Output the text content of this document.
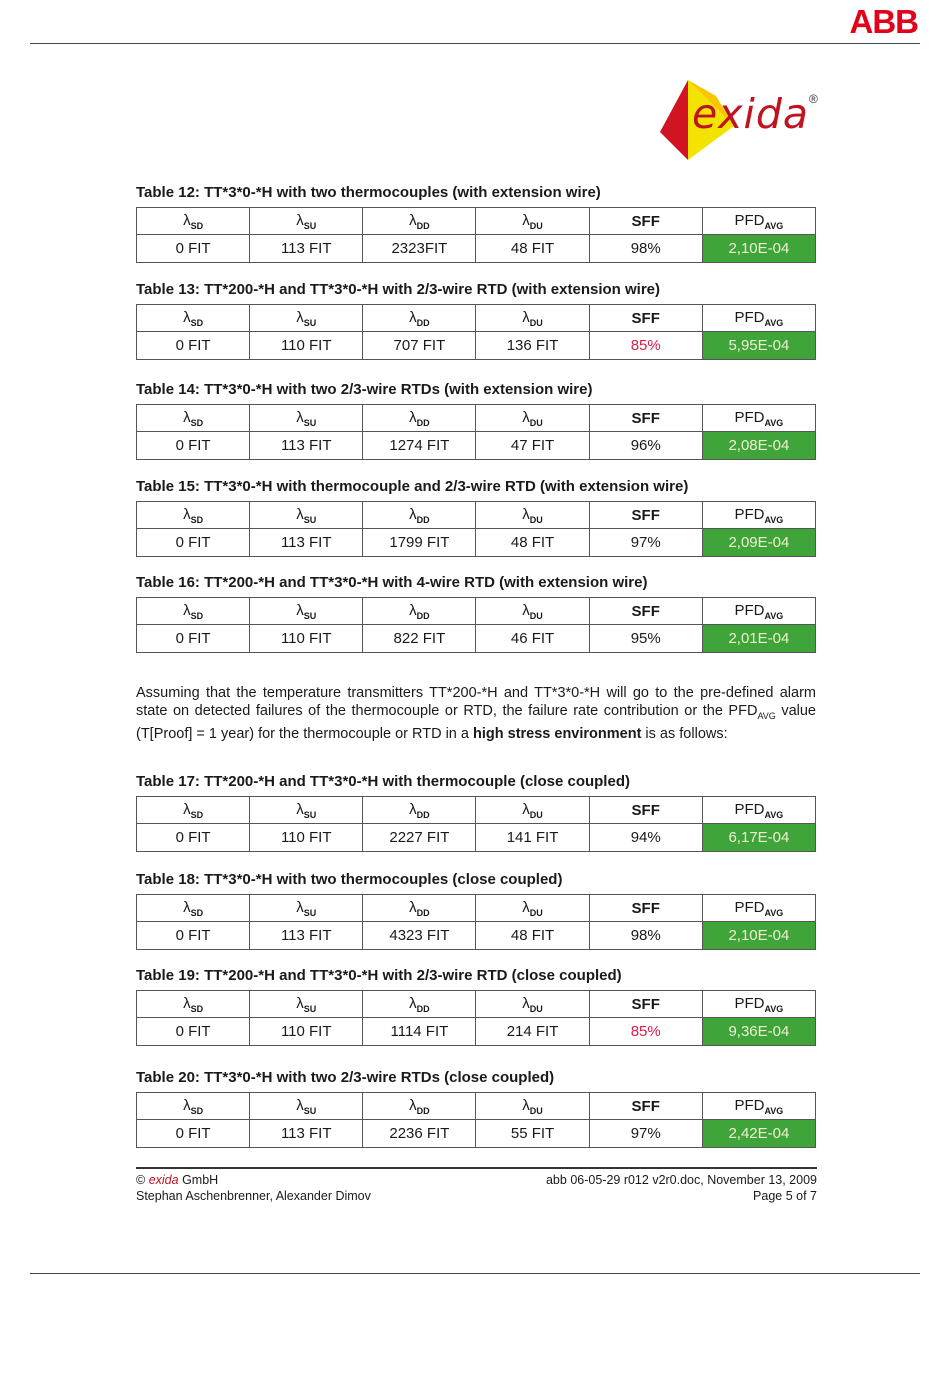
ABB
exida ®
Table 12: TT*3*0-*H with two thermocouples (with extension wire)
$\lambda_{SD}$	$\lambda_{SU}$	$\lambda_{DD}$	$\lambda_{DU}$	SFF	$PFD_{AVG}$
0 FIT	113 FIT	2323FIT	48 FIT	98%	2,10E-04
Table 13: TT*200-*H and TT*3*0-*H with 2/3-wire RTD (with extension wire)
$\lambda_{SD}$	$\lambda_{SU}$	$\lambda_{DD}$	$\lambda_{DU}$	SFF	$PFD_{AVG}$
0 FIT	110 FIT	707 FIT	136 FIT	85%	5,95E-04
Table 14: TT*3*0-*H with two 2/3-wire RTDs (with extension wire)
$\lambda_{SD}$	$\lambda_{SU}$	$\lambda_{DD}$	$\lambda_{DU}$	SFF	$PFD_{AVG}$
0 FIT	113 FIT	1274 FIT	47 FIT	96%	2,08E-04
Table 15: TT*3*0-*H with thermocouple and 2/3-wire RTD (with extension wire)
$\lambda_{SD}$	$\lambda_{SU}$	$\lambda_{DD}$	$\lambda_{DU}$	SFF	$PFD_{AVG}$
0 FIT	113 FIT	1799 FIT	48 FIT	97%	2,09E-04
Table 16: TT*200-*H and TT*3*0-*H with 4-wire RTD (with extension wire)
$\lambda_{SD}$	$\lambda_{SU}$	$\lambda_{DD}$	$\lambda_{DU}$	SFF	$PFD_{AVG}$
0 FIT	110 FIT	822 FIT	46 FIT	95%	2,01E-04
Table 17: TT*200-*H and TT*3*0-*H with thermocouple (close coupled)
$\lambda_{SD}$	$\lambda_{SU}$	$\lambda_{DD}$	$\lambda_{DU}$	SFF	$PFD_{AVG}$
0 FIT	110 FIT	2227 FIT	141 FIT	94%	6,17E-04
Table 18: TT*3*0-*H with two thermocouples (close coupled)
$\lambda_{SD}$	$\lambda_{SU}$	$\lambda_{DD}$	$\lambda_{DU}$	SFF	$PFD_{AVG}$
0 FIT	113 FIT	4323 FIT	48 FIT	98%	2,10E-04
Table 19: TT*200-*H and TT*3*0-*H with 2/3-wire RTD (close coupled)
$\lambda_{SD}$	$\lambda_{SU}$	$\lambda_{DD}$	$\lambda_{DU}$	SFF	$PFD_{AVG}$
0 FIT	110 FIT	1114 FIT	214 FIT	85%	9,36E-04
Table 20: TT*3*0-*H with two 2/3-wire RTDs (close coupled)
$\lambda_{SD}$	$\lambda_{SU}$	$\lambda_{DD}$	$\lambda_{DU}$	SFF	$PFD_{AVG}$
0 FIT	113 FIT	2236 FIT	55 FIT	97%	2,42E-04
Assuming that the temperature transmitters TT*200-*H and TT*3*0-*H will go to the pre-defined alarm state on detected failures of the thermocouple or RTD, the failure rate contribution or the $PFD_{AVG}$ value (T[Proof] = 1 year) for the thermocouple or RTD in a high stress environment is as follows:
© exida GmbH
Stephan Aschenbrenner, Alexander Dimov
abb 06-05-29 r012 v2r0.doc, November 13, 2009
Page 5 of 7
